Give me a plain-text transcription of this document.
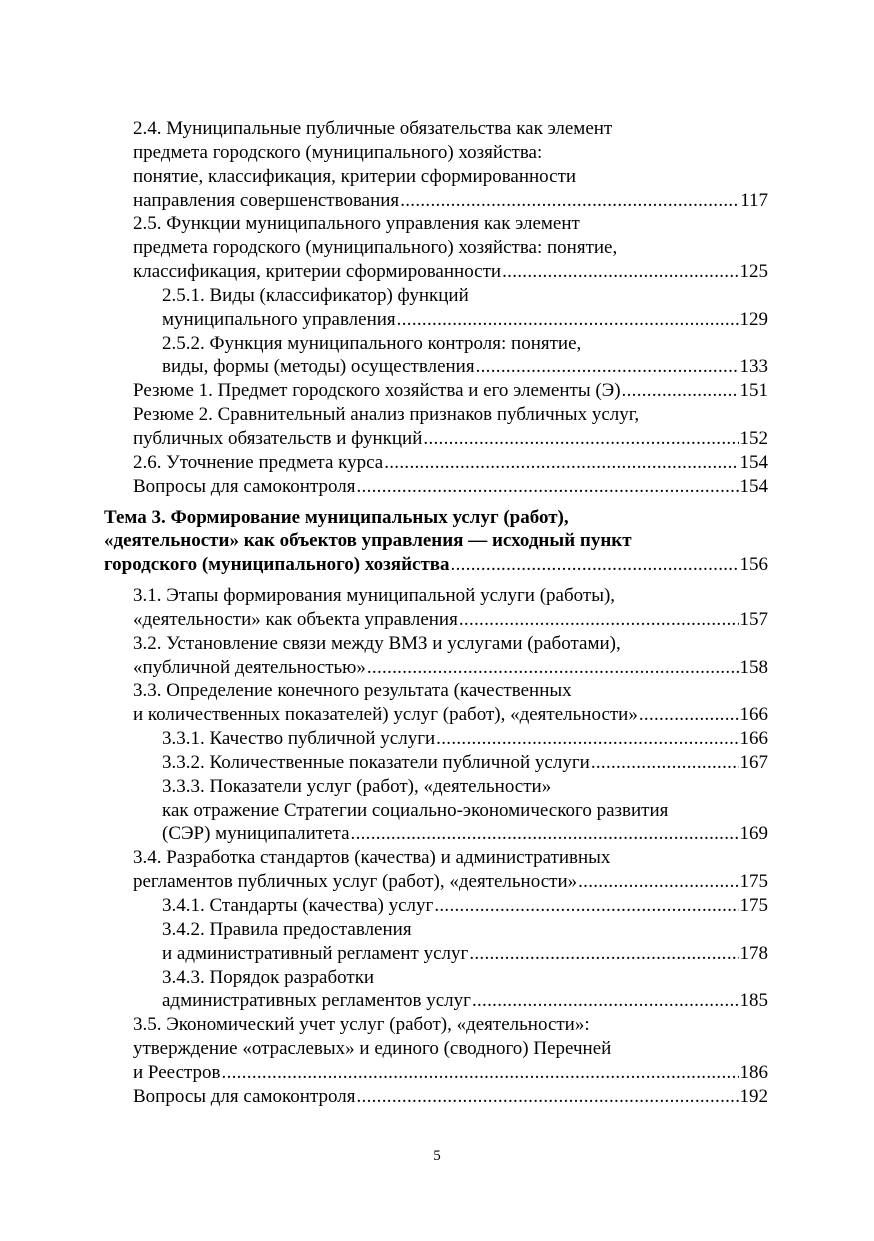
2.4. Муниципальные публичные обязательства как элемент
предмета городского (муниципального) хозяйства:
понятие, классификация, критерии сформированности
направления совершенствования .....	117
2.5. Функции муниципального управления как элемент
предмета городского (муниципального) хозяйства: понятие,
классификация, критерии сформированности .....	125
2.5.1. Виды (классификатор) функций
муниципального управления .....	129
2.5.2. Функция муниципального контроля: понятие,
виды, формы (методы) осуществления .....	133
Резюме 1. Предмет городского хозяйства и его элементы (Э) .....	151
Резюме 2. Сравнительный анализ признаков публичных услуг,
публичных обязательств и функций .....	152
2.6. Уточнение предмета курса .....	154
Вопросы для самоконтроля .....	154
Тема 3. Формирование муниципальных услуг (работ),
«деятельности» как объектов управления — исходный пункт
городского (муниципального) хозяйства .....	156
3.1. Этапы формирования муниципальной услуги (работы),
«деятельности» как объекта управления .....	157
3.2. Установление связи между ВМЗ и услугами (работами),
«публичной деятельностью» .....	158
3.3. Определение конечного результата (качественных
и количественных показателей) услуг (работ), «деятельности» .....	166
3.3.1. Качество публичной услуги .....	166
3.3.2. Количественные показатели публичной услуги .....	167
3.3.3. Показатели услуг (работ), «деятельности»
как отражение Стратегии социально-экономического развития
(СЭР) муниципалитета .....	169
3.4. Разработка стандартов (качества) и административных
регламентов публичных услуг (работ), «деятельности» .....	175
3.4.1. Стандарты (качества) услуг .....	175
3.4.2. Правила предоставления
и административный регламент услуг .....	178
3.4.3. Порядок разработки
административных регламентов услуг .....	185
3.5. Экономический учет услуг (работ), «деятельности»:
утверждение «отраслевых» и единого (сводного) Перечней
и Реестров .....	186
Вопросы для самоконтроля .....	192
5
